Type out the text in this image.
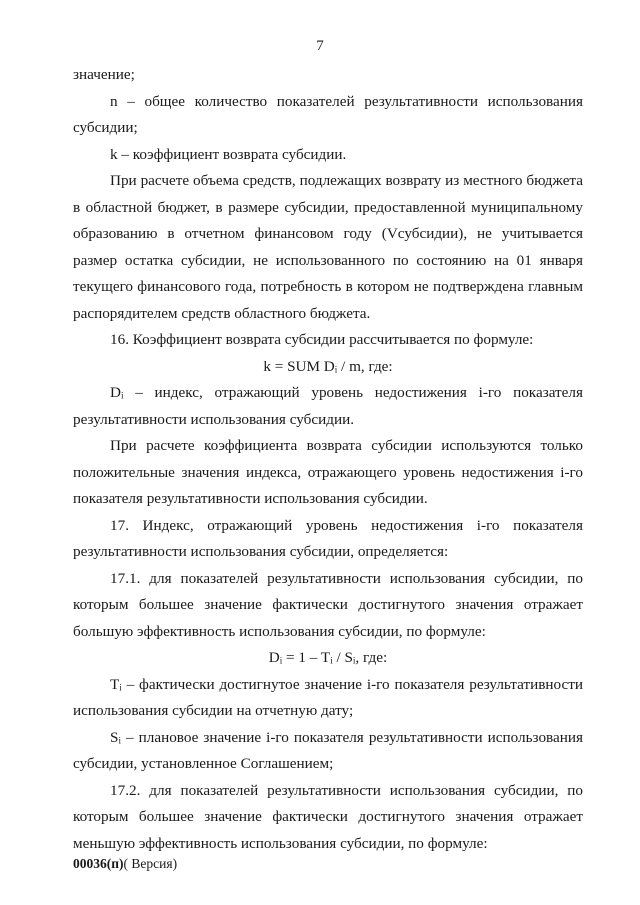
7

значение;

n – общее количество показателей результативности использования субсидии;

k – коэффициент возврата субсидии.

При расчете объема средств, подлежащих возврату из местного бюджета в областной бюджет, в размере субсидии, предоставленной муниципальному образованию в отчетном финансовом году (Vсубсидии), не учитывается размер остатка субсидии, не использованного по состоянию на 01 января текущего финансового года, потребность в котором не подтверждена главным распорядителем средств областного бюджета.

16. Коэффициент возврата субсидии рассчитывается по формуле:

k = SUM Dᵢ / m, где:

Dᵢ – индекс, отражающий уровень недостижения i-го показателя результативности использования субсидии.

При расчете коэффициента возврата субсидии используются только положительные значения индекса, отражающего уровень недостижения i-го показателя результативности использования субсидии.

17. Индекс, отражающий уровень недостижения i-го показателя результативности использования субсидии, определяется:

17.1. для показателей результативности использования субсидии, по которым большее значение фактически достигнутого значения отражает большую эффективность использования субсидии, по формуле:

Dᵢ = 1 – Tᵢ / Sᵢ, где:

Tᵢ – фактически достигнутое значение i-го показателя результативности использования субсидии на отчетную дату;

Sᵢ – плановое значение i-го показателя результативности использования субсидии, установленное Соглашением;

17.2. для показателей результативности использования субсидии, по которым большее значение фактически достигнутого значения отражает меньшую эффективность использования субсидии, по формуле:

00036(п)( Версия)
